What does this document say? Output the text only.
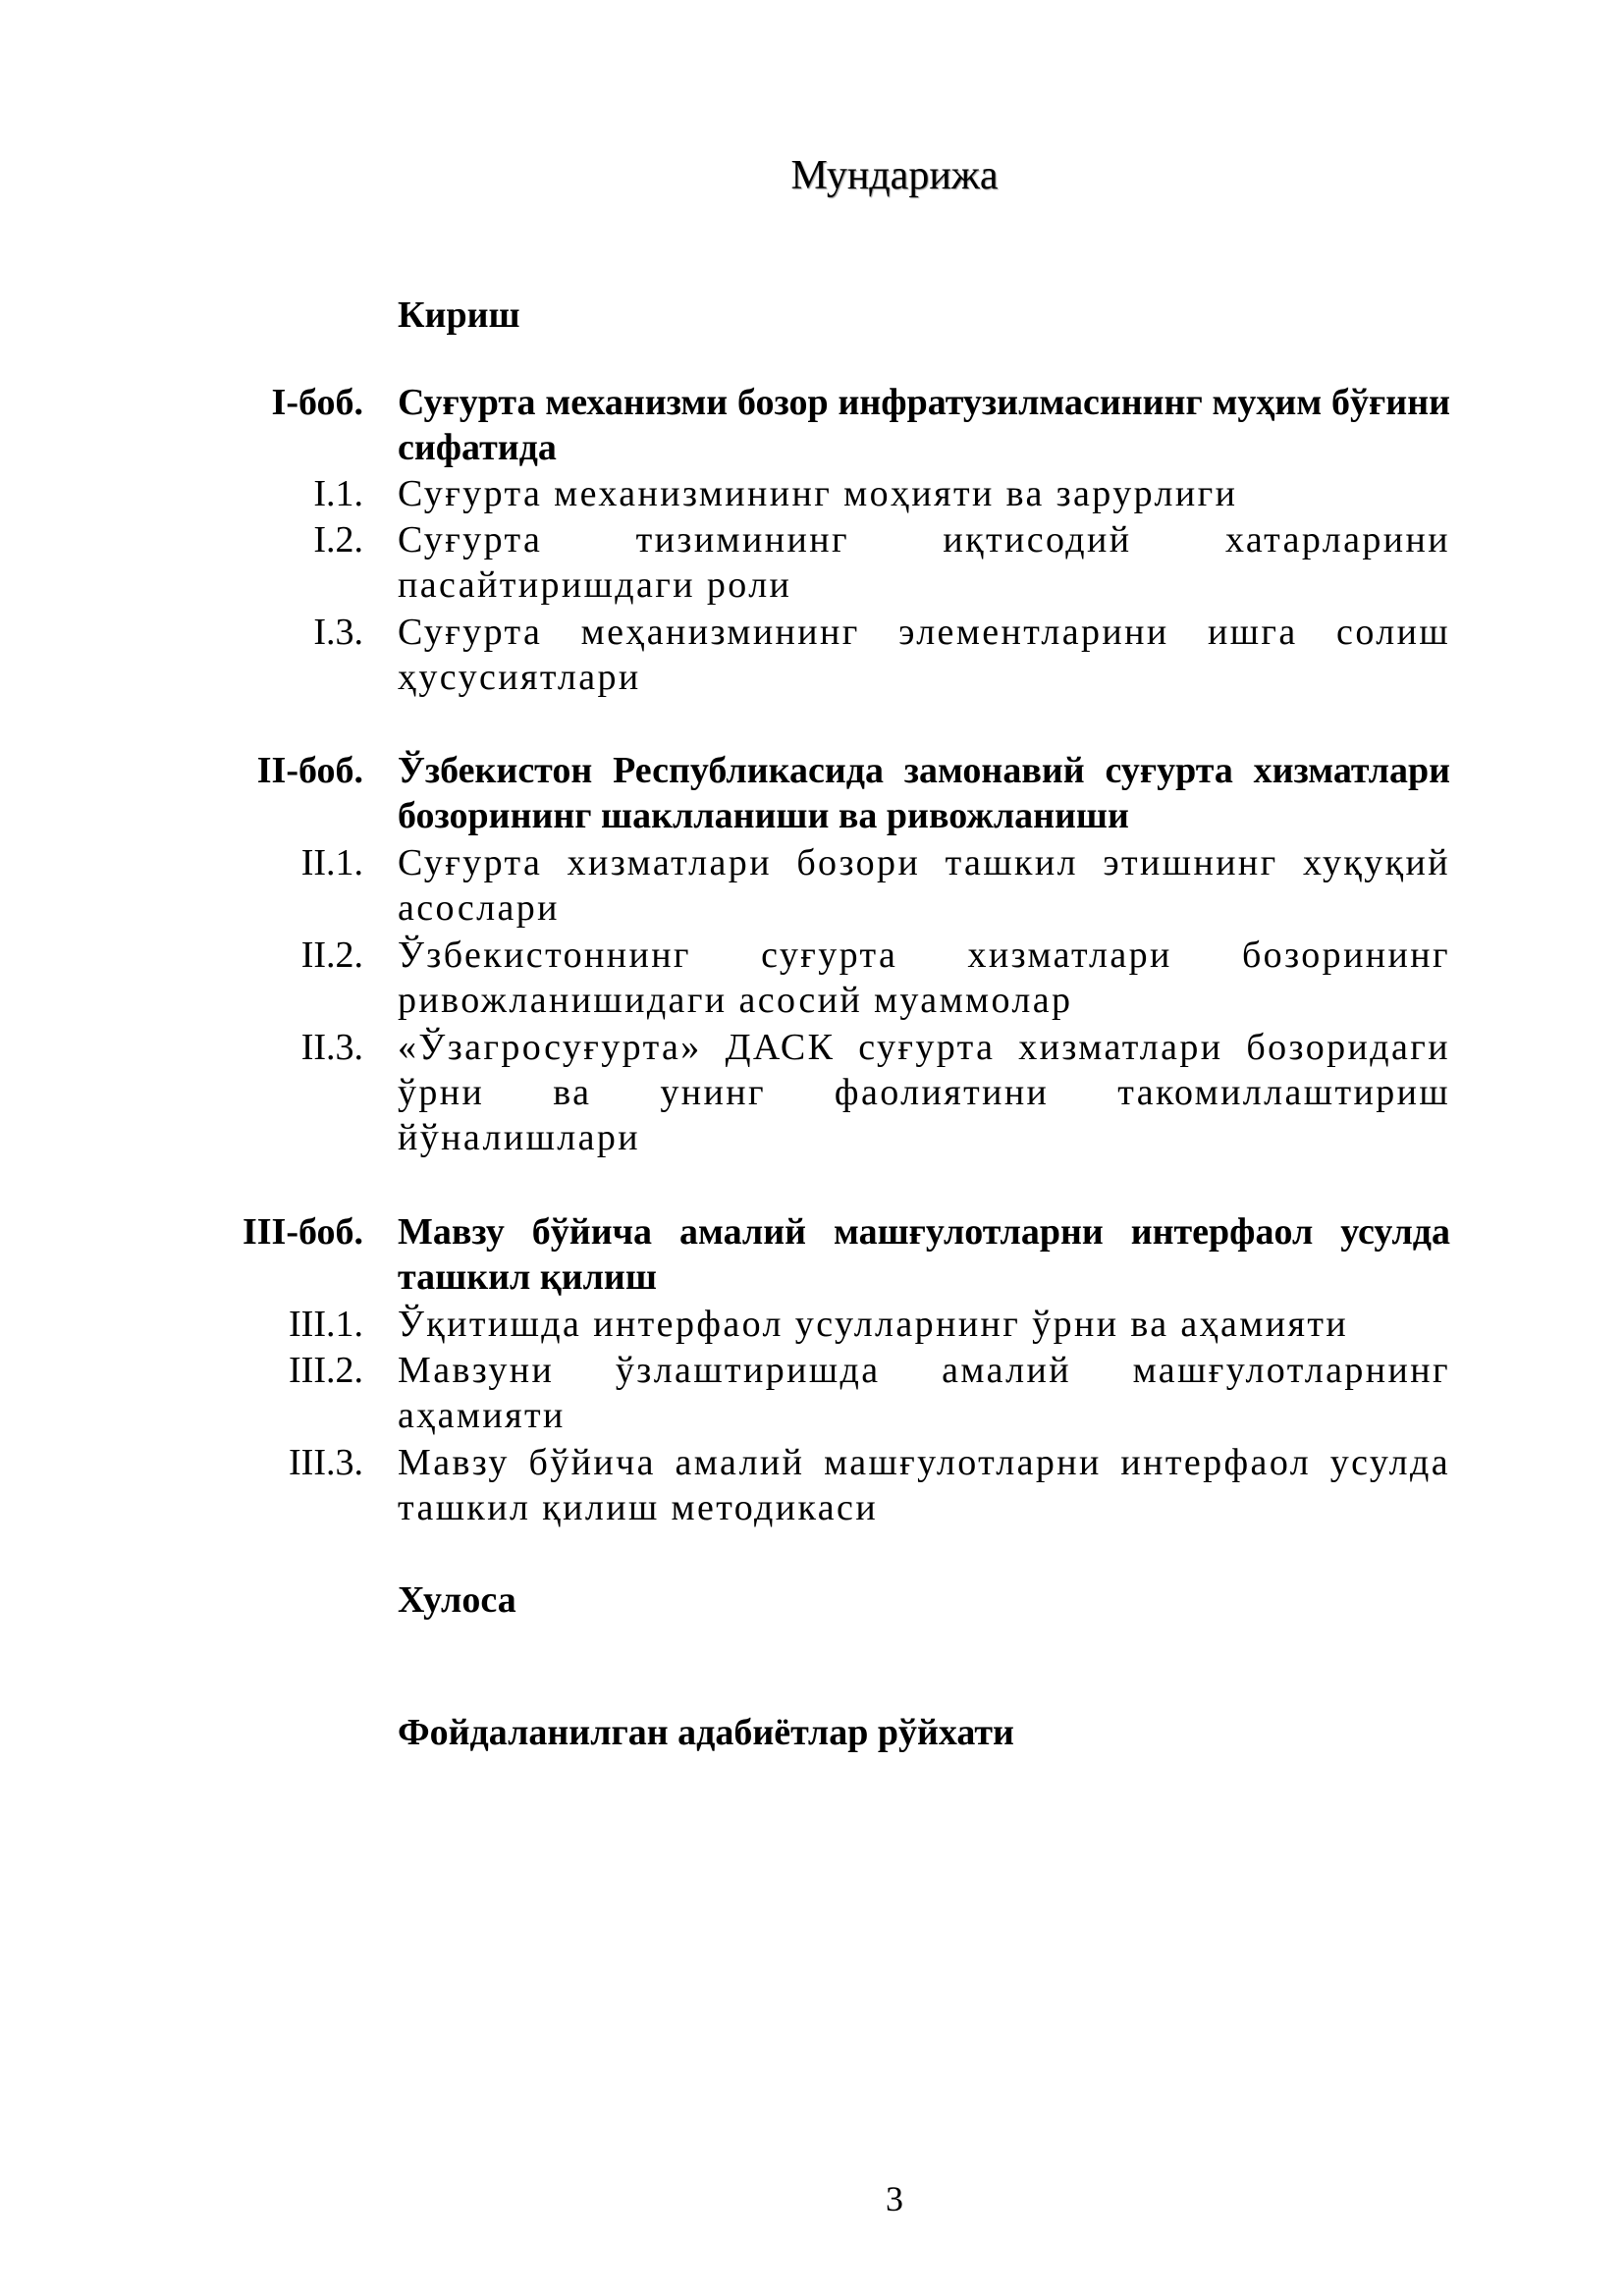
Мундарижа
Кириш
I-боб. Суғурта механизми бозор инфратузилмасининг муҳим бўғини сифатида
I.1. Суғурта механизмининг моҳияти ва зарурлиги
I.2. Суғурта тизимининг иқтисодий хатарларини пасайтиришдаги роли
I.3. Суғурта меҳанизмининг элементларини ишга солиш ҳусусиятлари
II-боб. Ўзбекистон Республикасида замонавий суғурта хизматлари бозорининг шаклланиши ва ривожланиши
II.1. Суғурта хизматлари бозори ташкил этишнинг хуқуқий асослари
II.2. Ўзбекистоннинг суғурта хизматлари бозорининг ривожланишидаги асосий муаммолар
II.3. «Ўзагросуғурта» ДАСК суғурта хизматлари бозоридаги ўрни ва унинг фаолиятини такомиллаштириш йўналишлари
III-боб. Мавзу бўйича амалий машғулотларни интерфаол усулда ташкил қилиш
III.1. Ўқитишда интерфаол усулларнинг ўрни ва аҳамияти
III.2. Мавзуни ўзлаштиришда амалий машғулотларнинг аҳамияти
III.3. Мавзу бўйича амалий машғулотларни интерфаол усулда ташкил қилиш методикаси
Хулоса
Фойдаланилган адабиётлар рўйхати
3
